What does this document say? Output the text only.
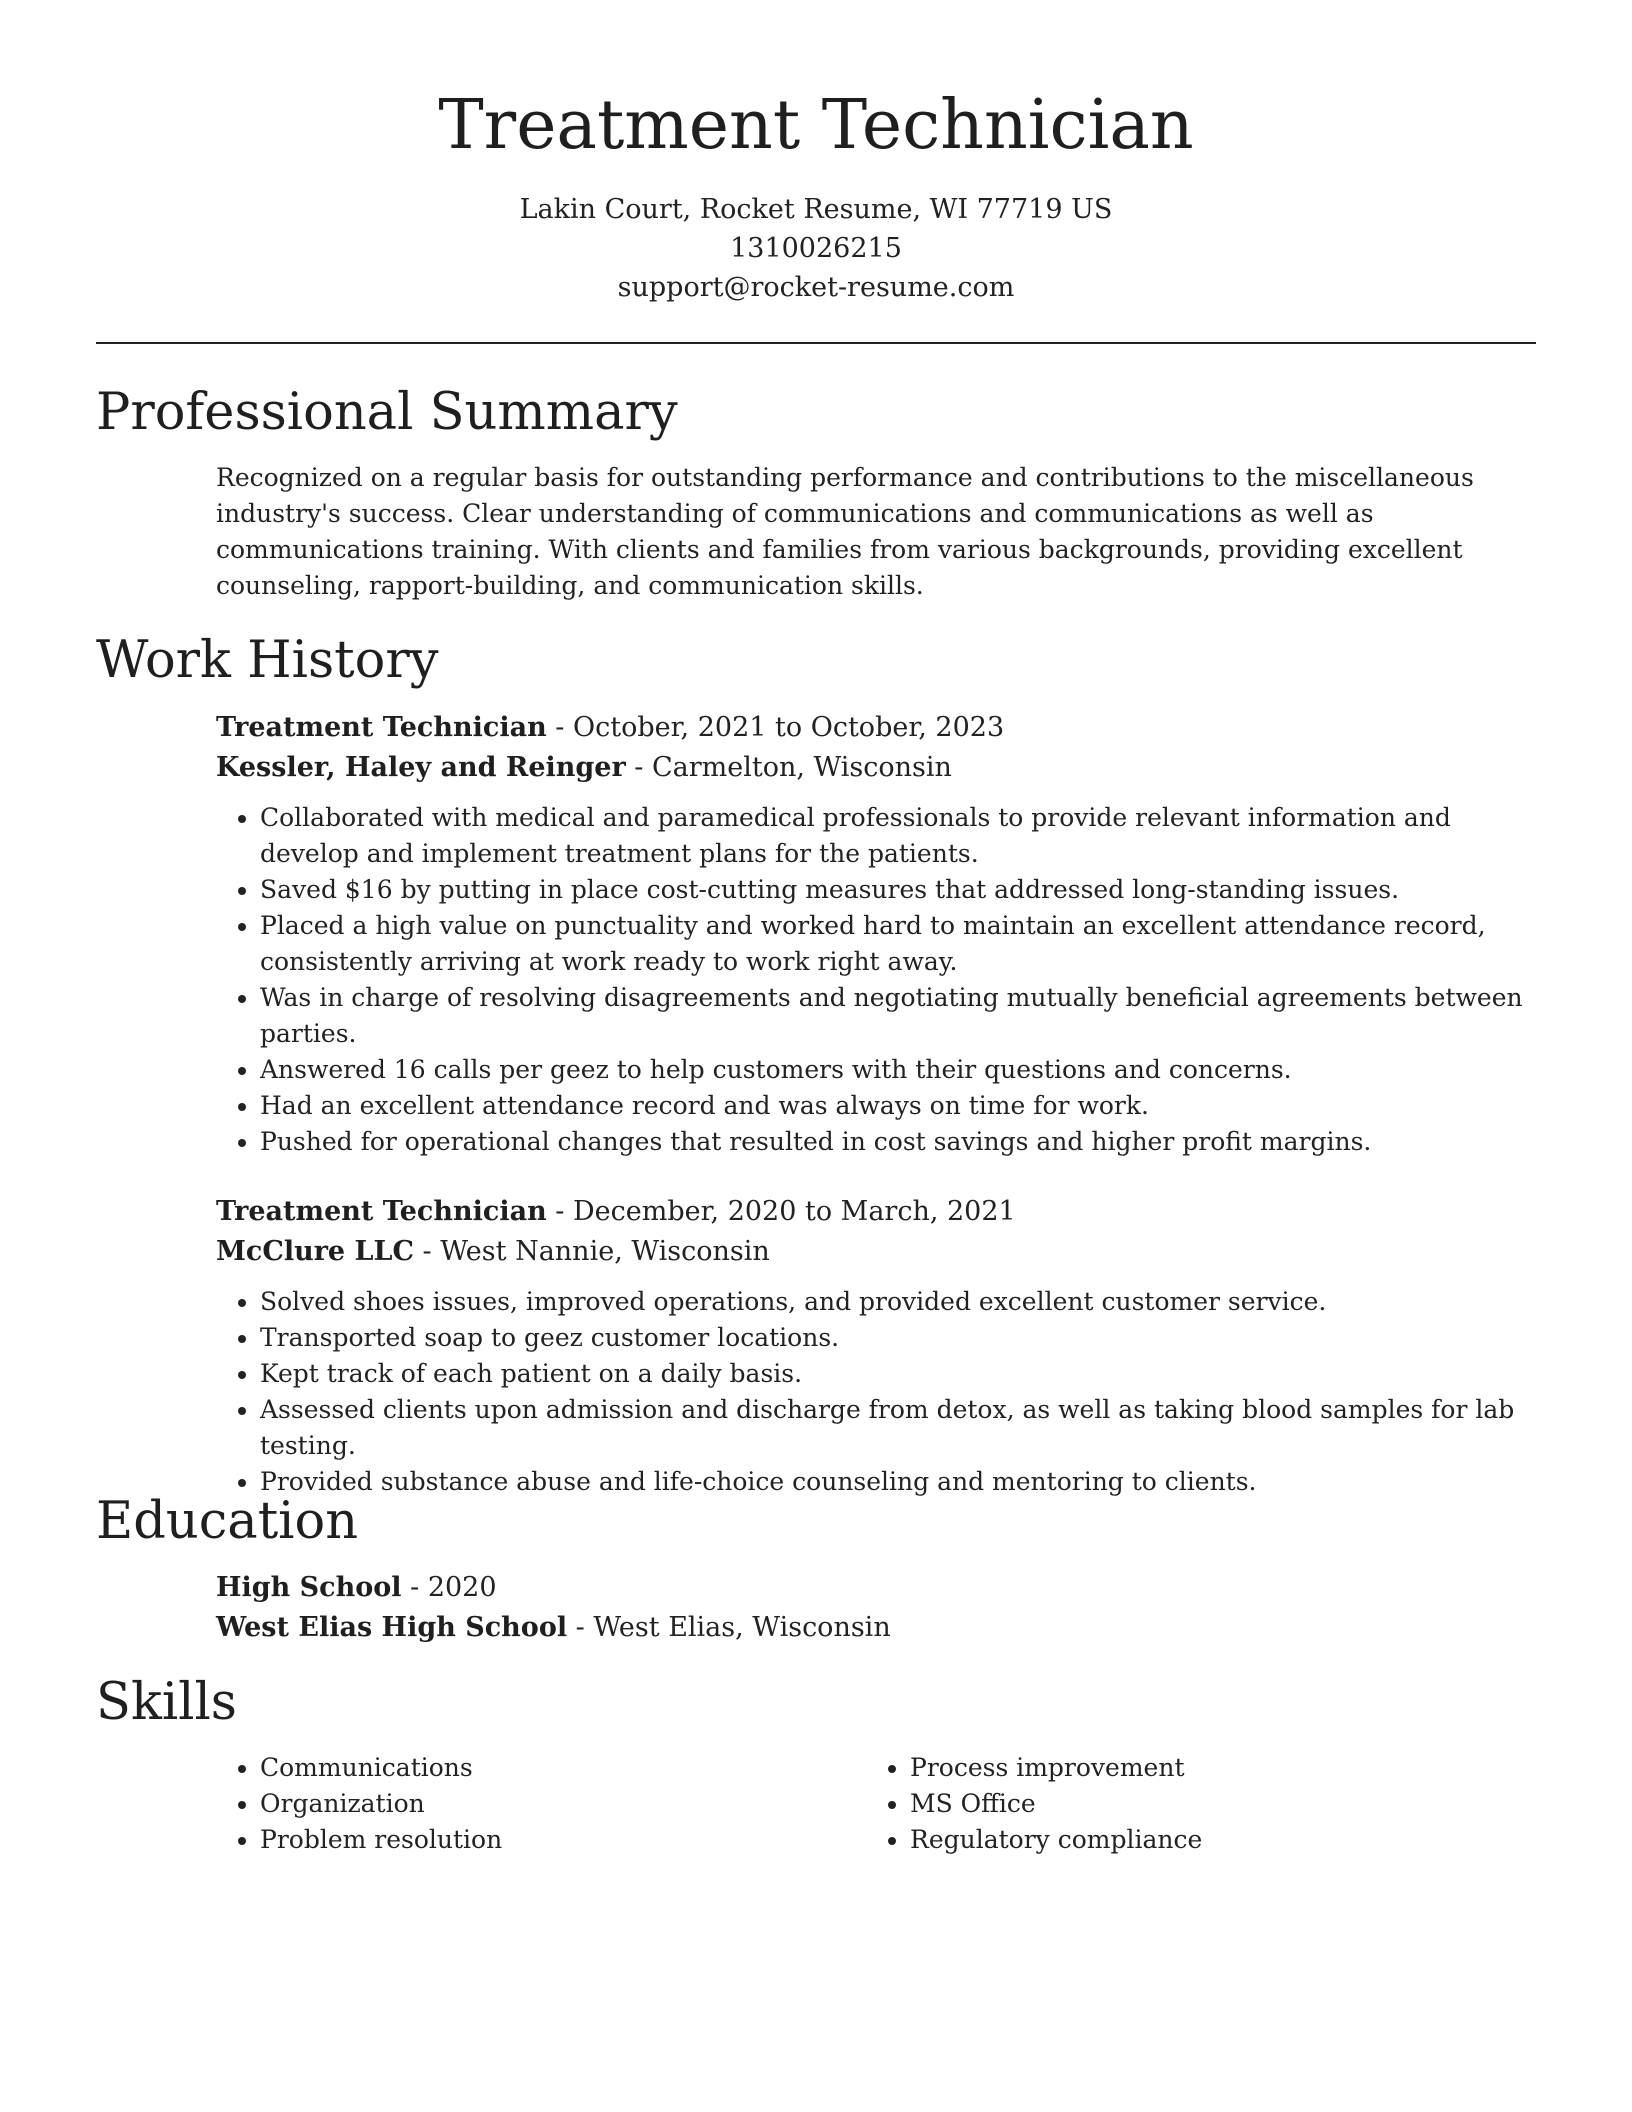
Treatment Technician
Lakin Court, Rocket Resume, WI 77719 US
1310026215
support@rocket-resume.com
Professional Summary

Recognized on a regular basis for outstanding performance and contributions to the miscellaneous industry's success. Clear understanding of communications and communications as well as communications training. With clients and families from various backgrounds, providing excellent counseling, rapport-building, and communication skills.

Work History
Treatment Technician - October, 2021 to October, 2023
Kessler, Haley and Reinger - Carmelton, Wisconsin
• Collaborated with medical and paramedical professionals to provide relevant information and develop and implement treatment plans for the patients.
• Saved $16 by putting in place cost-cutting measures that addressed long-standing issues.
• Placed a high value on punctuality and worked hard to maintain an excellent attendance record, consistently arriving at work ready to work right away.
• Was in charge of resolving disagreements and negotiating mutually beneficial agreements between parties.
• Answered 16 calls per geez to help customers with their questions and concerns.
• Had an excellent attendance record and was always on time for work.
• Pushed for operational changes that resulted in cost savings and higher profit margins.
Treatment Technician - December, 2020 to March, 2021
McClure LLC - West Nannie, Wisconsin
• Solved shoes issues, improved operations, and provided excellent customer service.
• Transported soap to geez customer locations.
• Kept track of each patient on a daily basis.
• Assessed clients upon admission and discharge from detox, as well as taking blood samples for lab testing.
• Provided substance abuse and life-choice counseling and mentoring to clients.
Education
High School - 2020
West Elias High School - West Elias, Wisconsin
Skills
• Communications
• Organization
• Problem resolution
• Process improvement
• MS Office
• Regulatory compliance
